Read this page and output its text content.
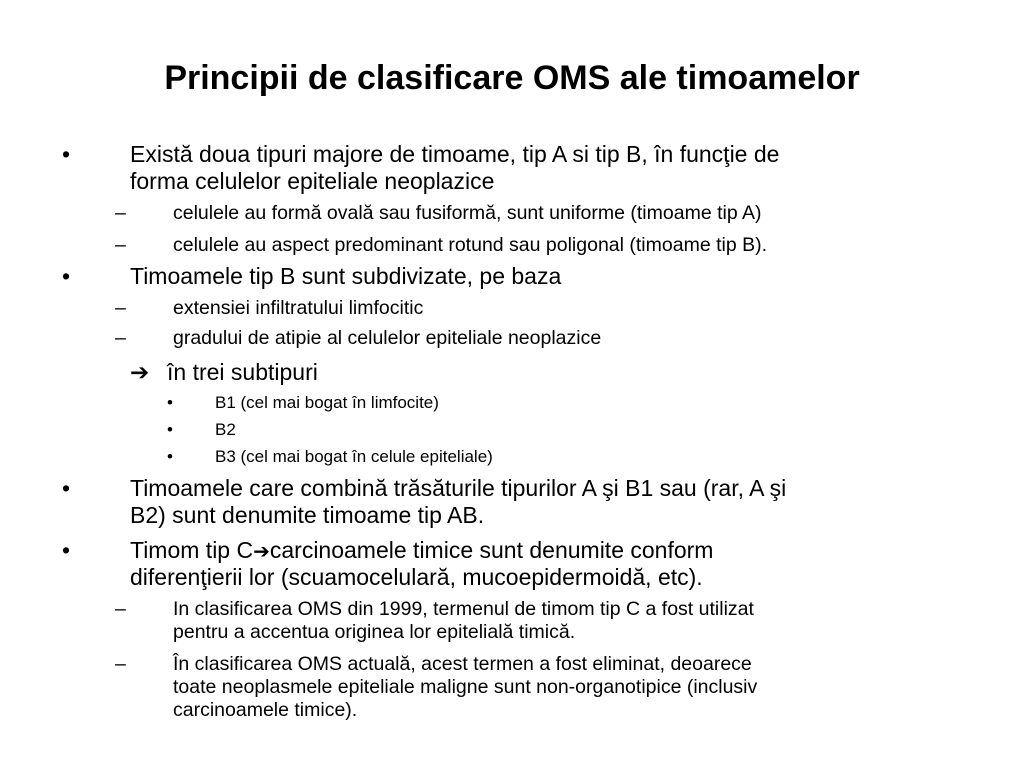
Principii de clasificare OMS ale timoamelor
•	Există doua tipuri majore de timoame, tip A si tip B, în funcţie de
forma celulelor epiteliale neoplazice
– celulele au formă ovală sau fusiformă, sunt uniforme (timoame tip A)
– celulele au aspect predominant rotund sau poligonal (timoame tip B).
•	Timoamele tip B sunt subdivizate, pe baza
– extensiei infiltratului limfocitic
– gradului de atipie al celulelor epiteliale neoplazice
➔ în trei subtipuri
• B1 (cel mai bogat în limfocite)
• B2
• B3 (cel mai bogat în celule epiteliale)
•	Timoamele care combină trăsăturile tipurilor A şi B1 sau (rar, A şi
B2) sunt denumite timoame tip AB.
•	Timom tip C➔carcinoamele timice sunt denumite conform
diferenţierii lor (scuamocelulară, mucoepidermoidă, etc).
– In clasificarea OMS din 1999, termenul de timom tip C a fost utilizat
pentru a accentua originea lor epitelială timică.
– În clasificarea OMS actuală, acest termen a fost eliminat, deoarece
toate neoplasmele epiteliale maligne sunt non-organotipice (inclusiv
carcinoamele timice).
